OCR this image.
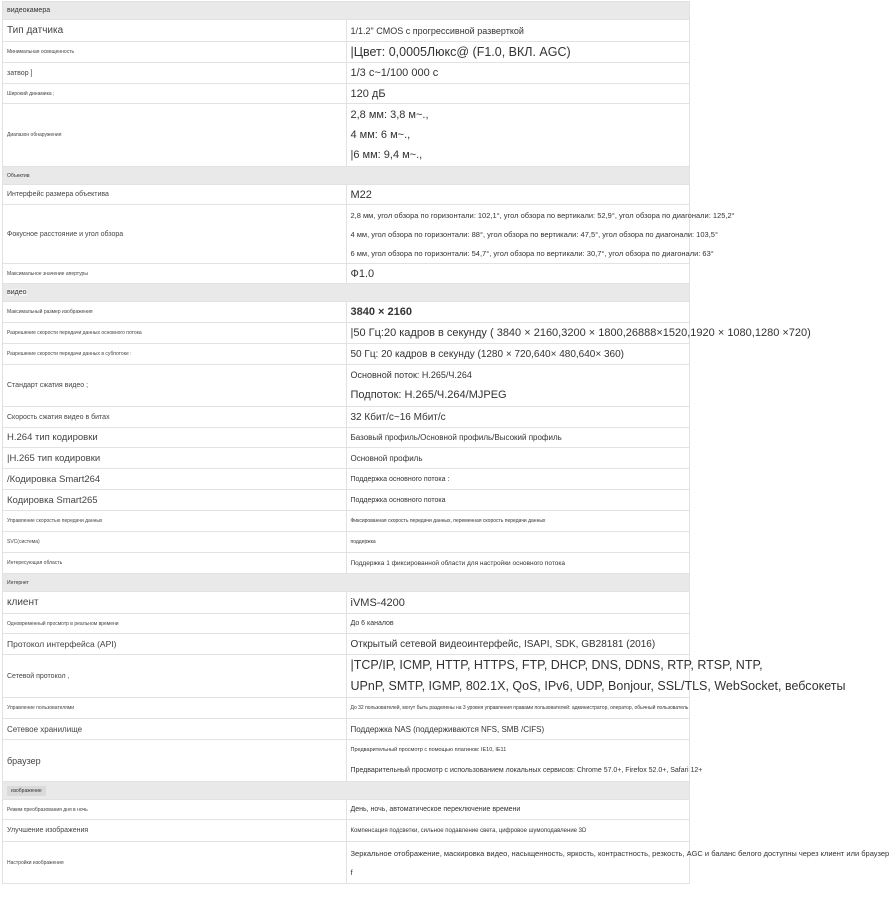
видеокамера	
Тип датчика	1/1.2" CMOS с прогрессивной разверткой
Минимальная освещенность	|Цвет: 0,0005Люкс@ (F1.0, ВКЛ. AGC)
затвор ]	1/3 с~1/100 000 с
Широкий динамика ;	120 дБ
Диапазон обнаружения	2,8 мм: 3,8 м~.,
4 мм: 6 м~.,
|6 мм: 9,4 м~.,

Объектив	
Интерфейс размера объектива	M22
Фокусное расстояние и угол обзора	2,8 мм, угол обзора по горизонтали: 102,1°, угол обзора по вертикали: 52,9°, угол обзора по диагонали: 125,2°
4 мм, угол обзора по горизонтали: 88°, угол обзора по вертикали: 47,5°, угол обзора по диагонали: 103,5°
6 мм, угол обзора по горизонтали: 54,7°, угол обзора по вертикали: 30,7°, угол обзора по диагонали: 63°

Максимальное значение апертуры	Ф1.0
видео	
Максимальный размер изображения	3840 × 2160
Разрешение скорости передачи данных основного потока	|50 Гц:20 кадров в секунду ( 3840 × 2160,3200 × 1800,26888×1520,1920 × 1080,1280 ×720)
Разрешение скорости передачи данных в субпотоке :	50 Гц: 20 кадров в секунду (1280 × 720,640× 480,640× 360)
Стандарт сжатия видео ;	Основной поток: H.265/Ч.264
Подпоток: H.265/Ч.264/MJPEG

Скорость сжатия видео в битах	32 Кбит/с~16 Мбит/с
H.264 тип кодировки	Базовый профиль/Основной профиль/Высокий профиль
|H.265 тип кодировки	Основной профиль
/Кодировка Smart264	Поддержка основного потока :
Кодировка Smart265	Поддержка основного потока
Управление скоростью передачи данных	Фиксированная скорость передачи данных, переменная скорость передачи данных
SVC(система)	поддержка
Интересующая область	Поддержка 1 фиксированной области для настройки основного потока
Интернет	
клиент	iVMS-4200
Одновременный просмотр в реальном времени	До 6 каналов
Протокол интерфейса (API)	Открытый сетевой видеоинтерфейс, ISAPI, SDK, GB28181 (2016)
Сетевой протокол ,	|TCP/IP, ICMP, HTTP, HTTPS, FTP, DHCP, DNS, DDNS, RTP, RTSP, NTP,
UPnP, SMTP, IGMP, 802.1X, QoS, IPv6, UDP, Bonjour, SSL/TLS, WebSocket, вебсокеты

Управление пользователями	До 32 пользователей, могут быть разделены на 3 уровня управления правами пользователей: администратор, оператор, обычный пользователь
Сетевое хранилище	Поддержка NAS (поддерживаются NFS, SMB /CIFS)
браузер	Предварительный просмотр с помощью плагинов: IE10, IE11
Предварительный просмотр с использованием локальных сервисов: Chrome 57.0+, Firefox 52.0+, Safari 12+

изображение	
Режим преобразования дня в ночь	День, ночь, автоматическое переключение времени
Улучшение изображения	Компенсация подсветки, сильное подавление света, цифровое шумоподавление 3D
Настройки изображения	Зеркальное отображение, маскировка видео, насыщенность, яркость, контрастность, резкость, AGC и баланс белого доступны через клиент или браузер
f
